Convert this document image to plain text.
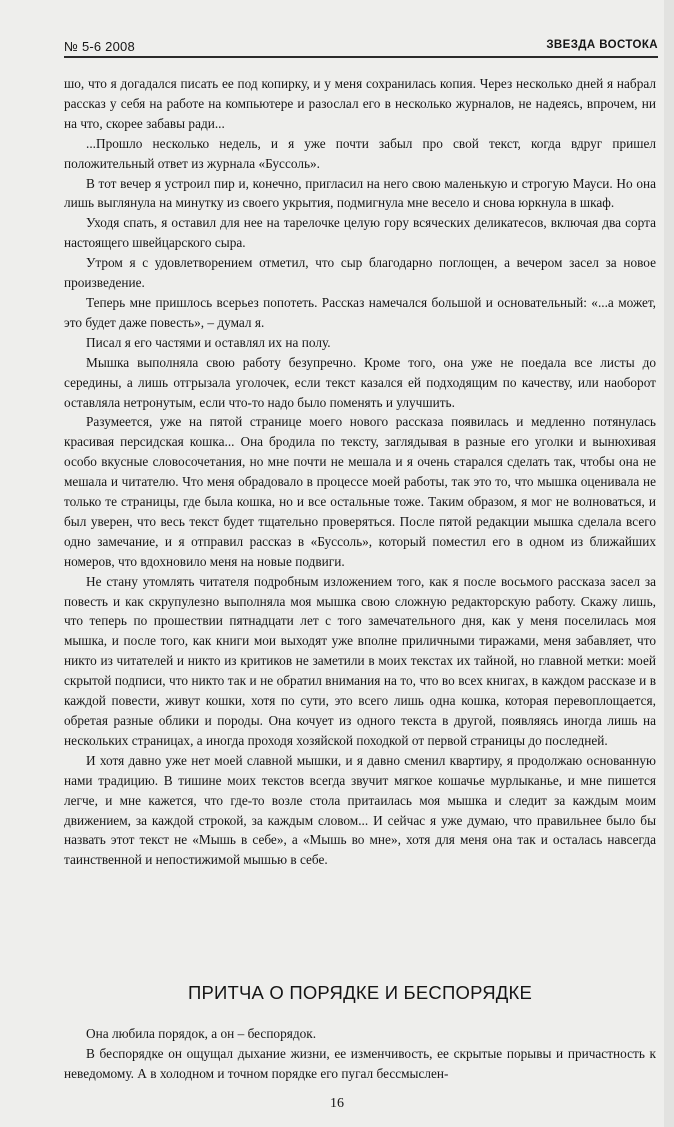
№ 5-6 2008	ЗВЕЗДА ВОСТОКА

шо, что я догадался писать ее под копирку, и у меня сохранилась копия. Через несколько дней я набрал рассказ у себя на работе на компьютере и разослал его в несколько журналов, не надеясь, впрочем, ни на что, скорее забавы ради...

...Прошло несколько недель, и я уже почти забыл про свой текст, когда вдруг пришел положительный ответ из журнала «Буссоль».

В тот вечер я устроил пир и, конечно, пригласил на него свою маленькую и строгую Мауси. Но она лишь выглянула на минутку из своего укрытия, подмигнула мне весело и снова юркнула в шкаф.

Уходя спать, я оставил для нее на тарелочке целую гору всяческих деликатесов, включая два сорта настоящего швейцарского сыра.

Утром я с удовлетворением отметил, что сыр благодарно поглощен, а вечером засел за новое произведение.

Теперь мне пришлось всерьез попотеть. Рассказ намечался большой и основательный: «...а может, это будет даже повесть», – думал я.

Писал я его частями и оставлял их на полу.

Мышка выполняла свою работу безупречно. Кроме того, она уже не поедала все листы до середины, а лишь отгрызала уголочек, если текст казался ей подходящим по качеству, или наоборот оставляла нетронутым, если что-то надо было поменять и улучшить.

Разумеется, уже на пятой странице моего нового рассказа появилась и медленно потянулась красивая персидская кошка... Она бродила по тексту, заглядывая в разные его уголки и вынюхивая особо вкусные словосочетания, но мне почти не мешала и я очень старался сделать так, чтобы она не мешала и читателю. Что меня обрадовало в процессе моей работы, так это то, что мышка оценивала не только те страницы, где была кошка, но и все остальные тоже. Таким образом, я мог не волноваться, и был уверен, что весь текст будет тщательно проверяться. После пятой редакции мышка сделала всего одно замечание, и я отправил рассказ в «Буссоль», который поместил его в одном из ближайших номеров, что вдохновило меня на новые подвиги.

Не стану утомлять читателя подробным изложением того, как я после восьмого рассказа засел за повесть и как скрупулезно выполняла моя мышка свою сложную редакторскую работу. Скажу лишь, что теперь по прошествии пятнадцати лет с того замечательного дня, как у меня поселилась моя мышка, и после того, как книги мои выходят уже вполне приличными тиражами, меня забавляет, что никто из читателей и никто из критиков не заметили в моих текстах их тайной, но главной метки: моей скрытой подписи, что никто так и не обратил внимания на то, что во всех книгах, в каждом рассказе и в каждой повести, живут кошки, хотя по сути, это всего лишь одна кошка, которая перевоплощается, обретая разные облики и породы. Она кочует из одного текста в другой, появляясь иногда лишь на нескольких страницах, а иногда проходя хозяйской походкой от первой страницы до последней.

И хотя давно уже нет моей славной мышки, и я давно сменил квартиру, я продолжаю основанную нами традицию. В тишине моих текстов всегда звучит мягкое кошачье мурлыканье, и мне пишется легче, и мне кажется, что где-то возле стола притаилась моя мышка и следит за каждым моим движением, за каждой строкой, за каждым словом... И сейчас я уже думаю, что правильнее было бы назвать этот текст не «Мышь в себе», а «Мышь во мне», хотя для меня она так и осталась навсегда таинственной и непостижимой мышью в себе.

ПРИТЧА О ПОРЯДКЕ И БЕСПОРЯДКЕ

Она любила порядок, а он – беспорядок.

В беспорядке он ощущал дыхание жизни, ее изменчивость, ее скрытые порывы и причастность к неведомому. А в холодном и точном порядке его пугал бессмыслен-

16
